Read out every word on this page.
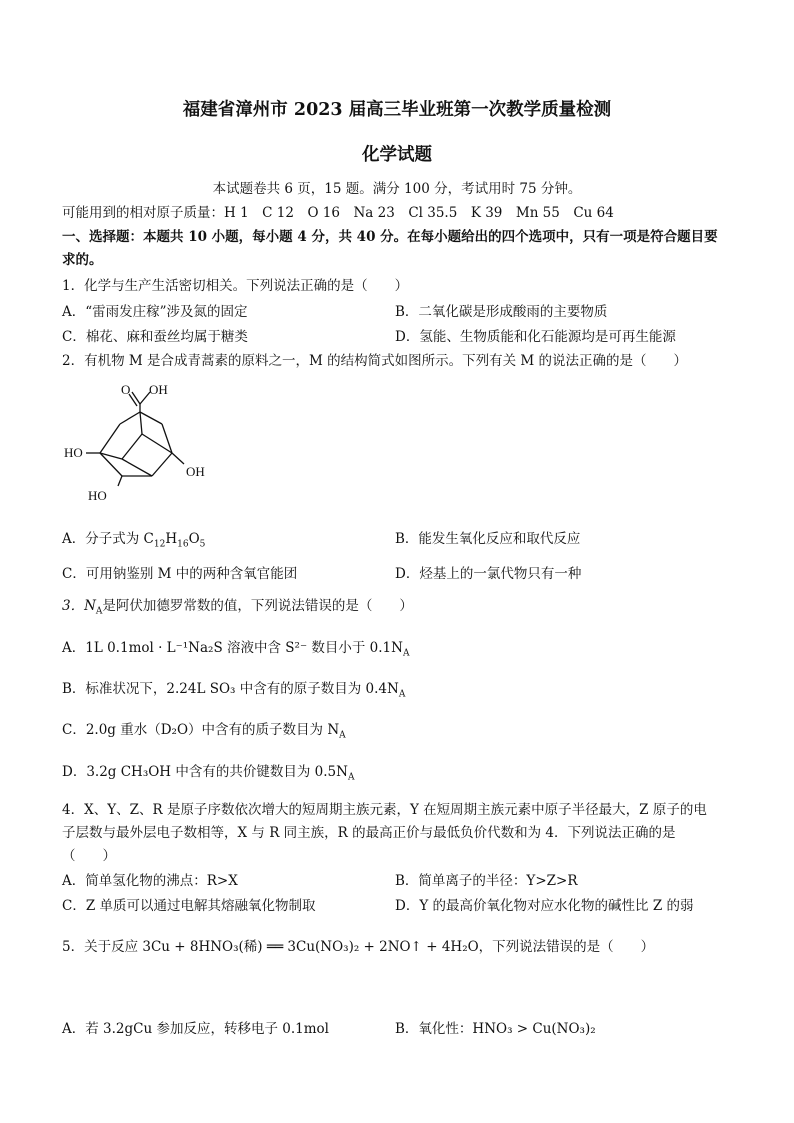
福建省漳州市 2023 届高三毕业班第一次教学质量检测
化学试题
本试题卷共 6 页，15 题。满分 100 分，考试用时 75 分钟。
可能用到的相对原子质量：H 1　C 12　O 16　Na 23　Cl 35.5　K 39　Mn 55　Cu 64
一、选择题：本题共 10 小题，每小题 4 分，共 40 分。在每小题给出的四个选项中，只有一项是符合题目要
求的。
1．化学与生产生活密切相关。下列说法正确的是（　　）
A．“雷雨发庄稼”涉及氮的固定	B．二氧化碳是形成酸雨的主要物质
C．棉花、麻和蚕丝均属于糖类	D．氢能、生物质能和化石能源均是可再生能源
2．有机物 M 是合成青蒿素的原料之一，M 的结构简式如图所示。下列有关 M 的说法正确的是（　　）
O OH
HO
OH
HO
A．分子式为 $C_{12}H_{16}O_5$	B．能发生氧化反应和取代反应
C．可用钠鉴别 M 中的两种含氧官能团	D．烃基上的一氯代物只有一种
3．$N_A$是阿伏加德罗常数的值，下列说法错误的是（　　）
A．1L 0.1mol · L⁻¹Na₂S 溶液中含 S²⁻ 数目小于 $0.1N_A$
B．标准状况下，2.24L SO₃ 中含有的原子数目为 $0.4N_A$
C．2.0g 重水（D₂O）中含有的质子数目为 $N_A$
D．3.2g CH₃OH 中含有的共价键数目为 $0.5N_A$
4．X、Y、Z、R 是原子序数依次增大的短周期主族元素，Y 在短周期主族元素中原子半径最大，Z 原子的电
子层数与最外层电子数相等，X 与 R 同主族，R 的最高正价与最低负价代数和为 4．下列说法正确的是
（　　）
A．简单氢化物的沸点：R>X	B．简单离子的半径：Y>Z>R
C．Z 单质可以通过电解其熔融氧化物制取	D．Y 的最高价氧化物对应水化物的碱性比 Z 的弱
5．关于反应 3Cu + 8HNO₃(稀) ══ 3Cu(NO₃)₂ + 2NO↑ + 4H₂O，下列说法错误的是（　　）
A．若 3.2gCu 参加反应，转移电子 0.1mol	B．氧化性：HNO₃ > Cu(NO₃)₂
